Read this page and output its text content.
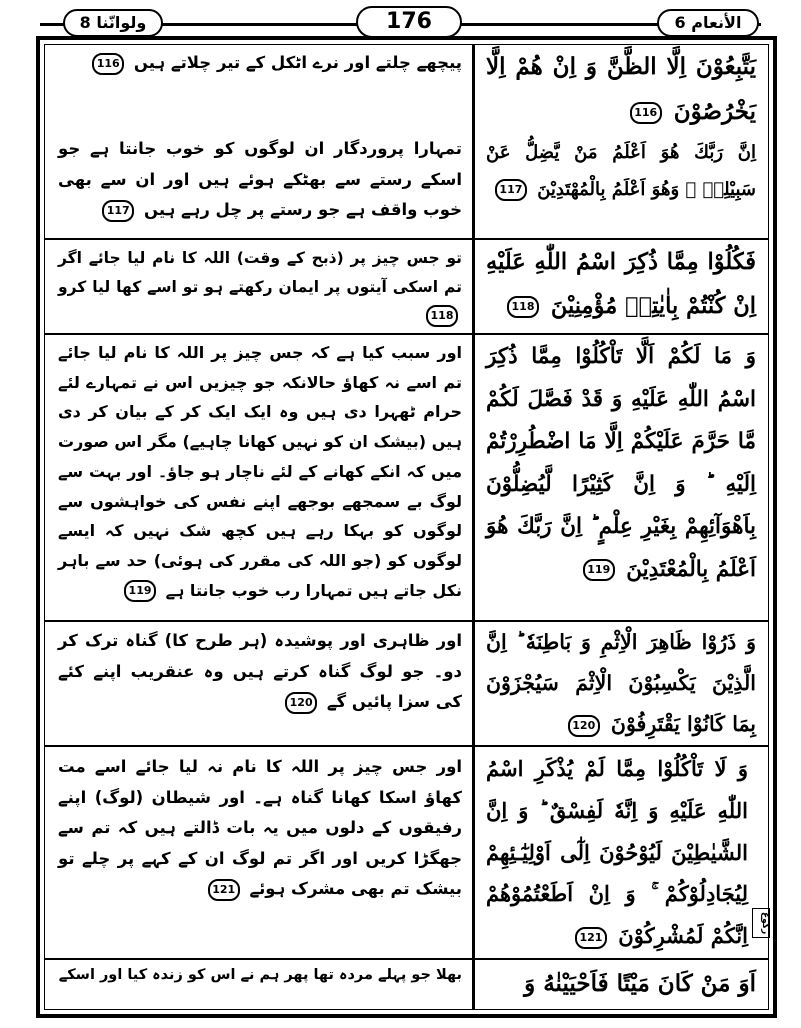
ولوانّنا 8	176	الأنعام 6
يَتَّبِعُوْنَ اِلَّا الظَّنَّ وَ اِنْ هُمْ اِلَّا يَخْرُصُوْنَ 116
اِنَّ رَبَّكَ هُوَ اَعْلَمُ مَنْ يَّضِلُّ عَنْ سَبِيْلِهٖ ۚ وَهُوَ اَعْلَمُ بِالْمُهْتَدِيْنَ 117
فَكُلُوْا مِمَّا ذُكِرَ اسْمُ اللّٰهِ عَلَيْهِ اِنْ كُنْتُمْ بِاٰيٰتِهٖ مُؤْمِنِيْنَ 118
وَ مَا لَكُمْ اَلَّا تَاْكُلُوْا مِمَّا ذُكِرَ اسْمُ اللّٰهِ عَلَيْهِ وَ قَدْ فَصَّلَ لَكُمْ مَّا حَرَّمَ عَلَيْكُمْ اِلَّا مَا اضْطُرِرْتُمْ اِلَيْهِ ؕ وَ اِنَّ كَثِيْرًا لَّيُضِلُّوْنَ بِاَهْوَآئِهِمْ بِغَيْرِ عِلْمٍ ؕ اِنَّ رَبَّكَ هُوَ اَعْلَمُ بِالْمُعْتَدِيْنَ 119
وَ ذَرُوْا ظَاهِرَ الْاِثْمِ وَ بَاطِنَهٗ ؕ اِنَّ الَّذِيْنَ يَكْسِبُوْنَ الْاِثْمَ سَيُجْزَوْنَ بِمَا كَانُوْا يَقْتَرِفُوْنَ 120
وَ لَا تَاْكُلُوْا مِمَّا لَمْ يُذْكَرِ اسْمُ اللّٰهِ عَلَيْهِ وَ اِنَّهٗ لَفِسْقٌ ؕ وَ اِنَّ الشَّيٰطِيْنَ لَيُوْحُوْنَ اِلٰٓى اَوْلِيٰٓـئِهِمْ لِيُجَادِلُوْكُمْ ۚ وَ اِنْ اَطَعْتُمُوْهُمْ اِنَّكُمْ لَمُشْرِكُوْنَ 121
اَوَ مَنْ كَانَ مَيْتًا فَاَحْيَيْنٰهُ وَ
ركوع
پیچھے چلتے اور نرے اٹکل کے تیر چلاتے ہیں 116
تمہارا پروردگار ان لوگوں کو خوب جانتا ہے جو اسکے رستے سے بھٹکے ہوئے ہیں اور ان سے بھی خوب واقف ہے جو رستے پر چل رہے ہیں 117
تو جس چیز پر (ذبح کے وقت) اللہ کا نام لیا جائے اگر تم اسکی آیتوں پر ایمان رکھتے ہو تو اسے کھا لیا کرو 118
اور سبب کیا ہے کہ جس چیز پر اللہ کا نام لیا جائے تم اسے نہ کھاؤ حالانکہ جو چیزیں اس نے تمہارے لئے حرام ٹھہرا دی ہیں وہ ایک ایک کر کے بیان کر دی ہیں (بیشک ان کو نہیں کھانا چاہیے) مگر اس صورت میں کہ انکے کھانے کے لئے ناچار ہو جاؤ۔ اور بہت سے لوگ بے سمجھے بوجھے اپنے نفس کی خواہشوں سے لوگوں کو بہکا رہے ہیں کچھ شک نہیں کہ ایسے لوگوں کو (جو اللہ کی مقرر کی ہوئی) حد سے باہر نکل جاتے ہیں تمہارا رب خوب جانتا ہے 119
اور ظاہری اور پوشیدہ (ہر طرح کا) گناہ ترک کر دو۔ جو لوگ گناہ کرتے ہیں وہ عنقریب اپنے کئے کی سزا پائیں گے 120
اور جس چیز پر اللہ کا نام نہ لیا جائے اسے مت کھاؤ اسکا کھانا گناہ ہے۔ اور شیطان (لوگ) اپنے رفیقوں کے دلوں میں یہ بات ڈالتے ہیں کہ تم سے جھگڑا کریں اور اگر تم لوگ ان کے کہے پر چلے تو بیشک تم بھی مشرک ہوئے 121
بھلا جو پہلے مردہ تھا پھر ہم نے اس کو زندہ کیا اور اسکے
